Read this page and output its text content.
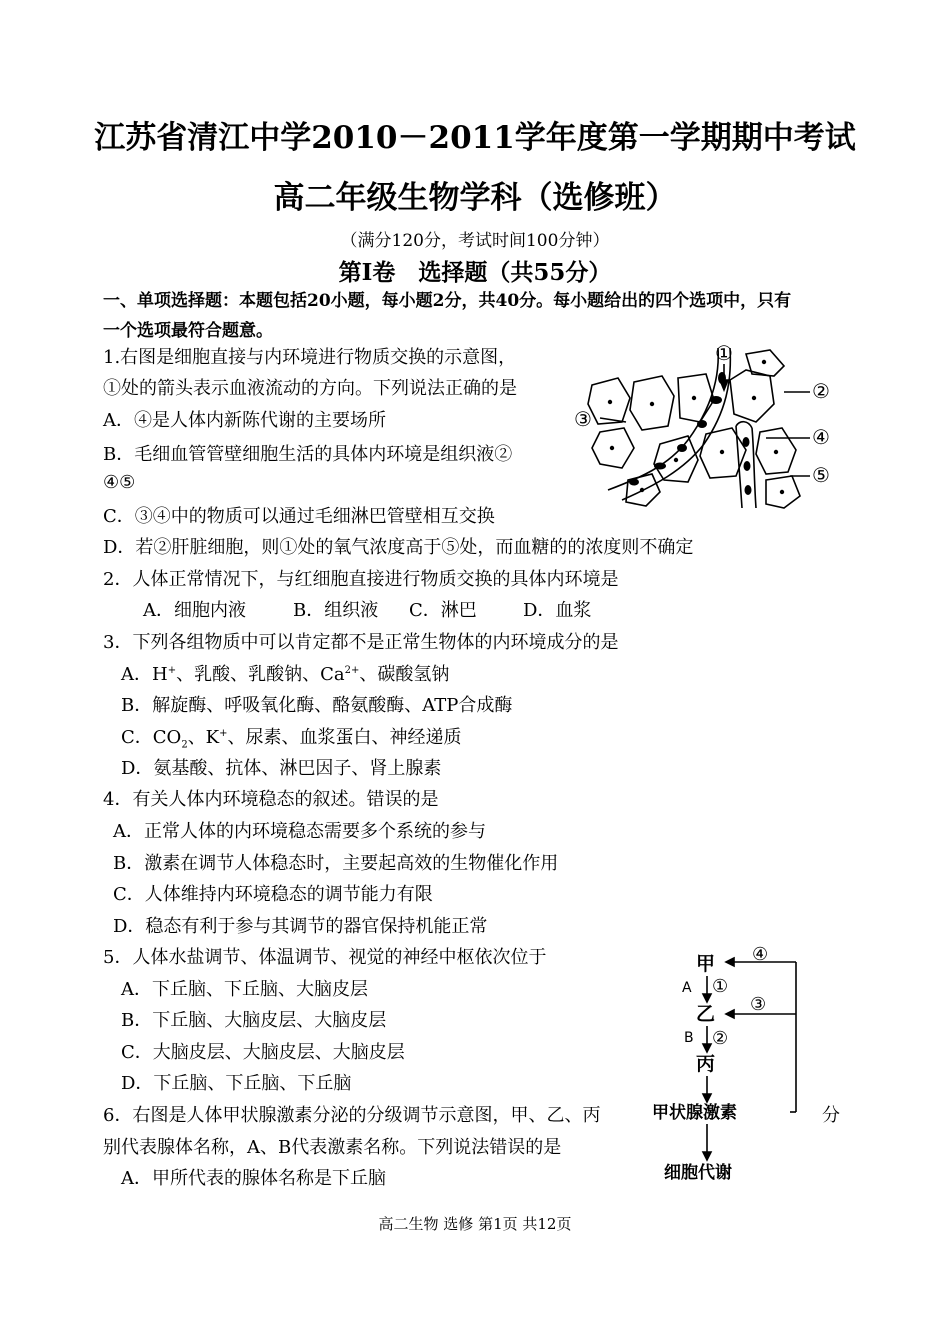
江苏省清江中学2010－2011学年度第一学期期中考试
高二年级生物学科（选修班）
（满分120分，考试时间100分钟）
第Ⅰ卷　选择题（共55分）
一、单项选择题：本题包括20小题，每小题2分，共40分。每小题给出的四个选项中，只有
一个选项最符合题意。
1.右图是细胞直接与内环境进行物质交换的示意图，
①处的箭头表示血液流动的方向。下列说法正确的是
A．④是人体内新陈代谢的主要场所
B．毛细血管管壁细胞生活的具体内环境是组织液②
④⑤
C．③④中的物质可以通过毛细淋巴管壁相互交换
D．若②肝脏细胞，则①处的氧气浓度高于⑤处，而血糖的的浓度则不确定
①
②
③
④
⑤
2．人体正常情况下，与红细胞直接进行物质交换的具体内环境是
A．细胞内液	B．组织液 C．淋巴	D．血浆
3．下列各组物质中可以肯定都不是正常生物体的内环境成分的是
A．H+、乳酸、乳酸钠、$Ca^{2+}$、碳酸氢钠
B．解旋酶、呼吸氧化酶、酪氨酸酶、ATP合成酶
C．$CO_2$、K+、尿素、血浆蛋白、神经递质
D．氨基酸、抗体、淋巴因子、肾上腺素
4．有关人体内环境稳态的叙述。错误的是
A．正常人体的内环境稳态需要多个系统的参与
B．激素在调节人体稳态时，主要起高效的生物催化作用
C．人体维持内环境稳态的调节能力有限
D．稳态有利于参与其调节的器官保持机能正常
5．人体水盐调节、体温调节、视觉的神经中枢依次位于
A．下丘脑、下丘脑、大脑皮层
B．下丘脑、大脑皮层、大脑皮层
C．大脑皮层、大脑皮层、大脑皮层
D．下丘脑、下丘脑、下丘脑
6．右图是人体甲状腺激素分泌的分级调节示意图，甲、乙、丙	分
别代表腺体名称，A、B代表激素名称。下列说法错误的是
A．甲所代表的腺体名称是下丘脑
甲
乙
丙
A
B
①
②
③
④
甲状腺激素
细胞代谢
高二生物 选修 第1页 共12页
